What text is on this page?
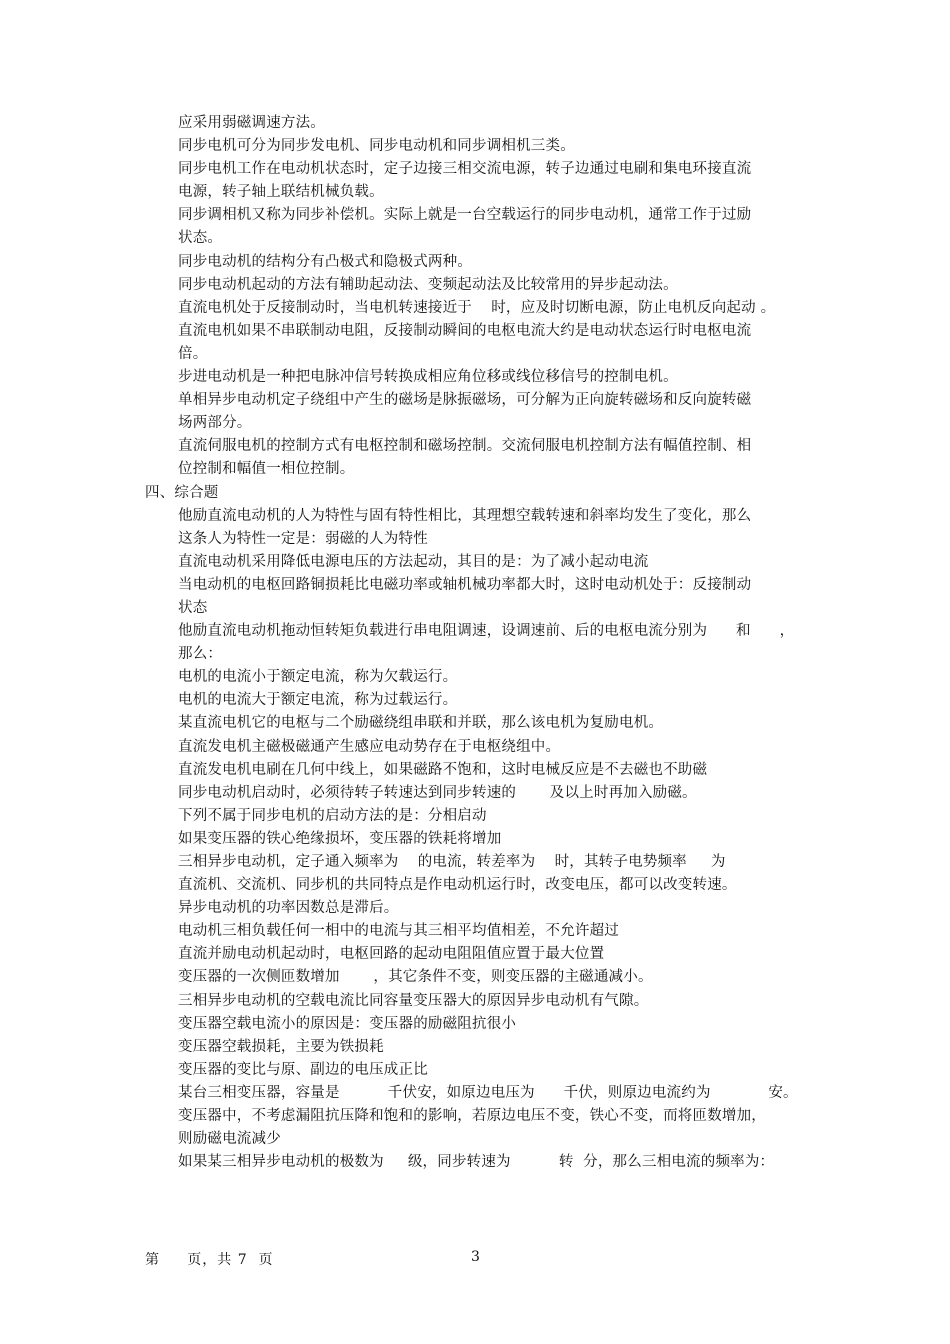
应采用弱磁调速方法。

同步电机可分为同步发电机、同步电动机和同步调相机三类。

同步电机工作在电动机状态时，定子边接三相交流电源，转子边通过电刷和集电环接直流

电源，转子轴上联结机械负载。

同步调相机又称为同步补偿机。实际上就是一台空载运行的同步电动机，通常工作于过励

状态。

同步电动机的结构分有凸极式和隐极式两种。

同步电动机起动的方法有辅助起动法、变频起动法及比较常用的异步起动法。

直流电机处于反接制动时，当电机转速接近于    时，应及时切断电源，防止电机反向起动 。

直流电机如果不串联制动电阻，反接制动瞬间的电枢电流大约是电动状态运行时电枢电流

倍。

步进电动机是一种把电脉冲信号转换成相应角位移或线位移信号的控制电机。

单相异步电动机定子绕组中产生的磁场是脉振磁场，可分解为正向旋转磁场和反向旋转磁

场两部分。

直流伺服电机的控制方式有电枢控制和磁场控制。交流伺服电机控制方法有幅值控制、相

位控制和幅值一相位控制。

四、综合题

他励直流电动机的人为特性与固有特性相比，其理想空载转速和斜率均发生了变化，那么

这条人为特性一定是：弱磁的人为特性

直流电动机采用降低电源电压的方法起动，其目的是：为了减小起动电流

当电动机的电枢回路铜损耗比电磁功率或轴机械功率都大时，这时电动机处于：反接制动

状态

他励直流电动机拖动恒转矩负载进行串电阻调速，设调速前、后的电枢电流分别为      和      ，

那么：

电机的电流小于额定电流，称为欠载运行。

电机的电流大于额定电流，称为过载运行。

某直流电机它的电枢与二个励磁绕组串联和并联，那么该电机为复励电机。

直流发电机主磁极磁通产生感应电动势存在于电枢绕组中。

直流发电机电刷在几何中线上，如果磁路不饱和，这时电械反应是不去磁也不助磁

同步电动机启动时，必须待转子转速达到同步转速的       及以上时再加入励磁。

下列不属于同步电机的启动方法的是：分相启动

如果变压器的铁心绝缘损坏，变压器的铁耗将增加

三相异步电动机，定子通入频率为    的电流，转差率为    时，其转子电势频率     为

直流机、交流机、同步机的共同特点是作电动机运行时，改变电压，都可以改变转速。

异步电动机的功率因数总是滞后。

电动机三相负载任何一相中的电流与其三相平均值相差，不允许超过

直流并励电动机起动时，电枢回路的起动电阻阻值应置于最大位置

变压器的一次侧匝数增加       ，其它条件不变，则变压器的主磁通减小。

三相异步电动机的空载电流比同容量变压器大的原因异步电动机有气隙。

变压器空载电流小的原因是：变压器的励磁阻抗很小

变压器空载损耗，主要为铁损耗

变压器的变比与原、副边的电压成正比

某台三相变压器，容量是          千伏安，如原边电压为      千伏，则原边电流约为            安。

变压器中，不考虑漏阻抗压降和饱和的影响，若原边电压不变，铁心不变，而将匝数增加，

则励磁电流减少

如果某三相异步电动机的极数为     级，同步转速为          转  分，那么三相电流的频率为：

第     页，共 7  页	3
